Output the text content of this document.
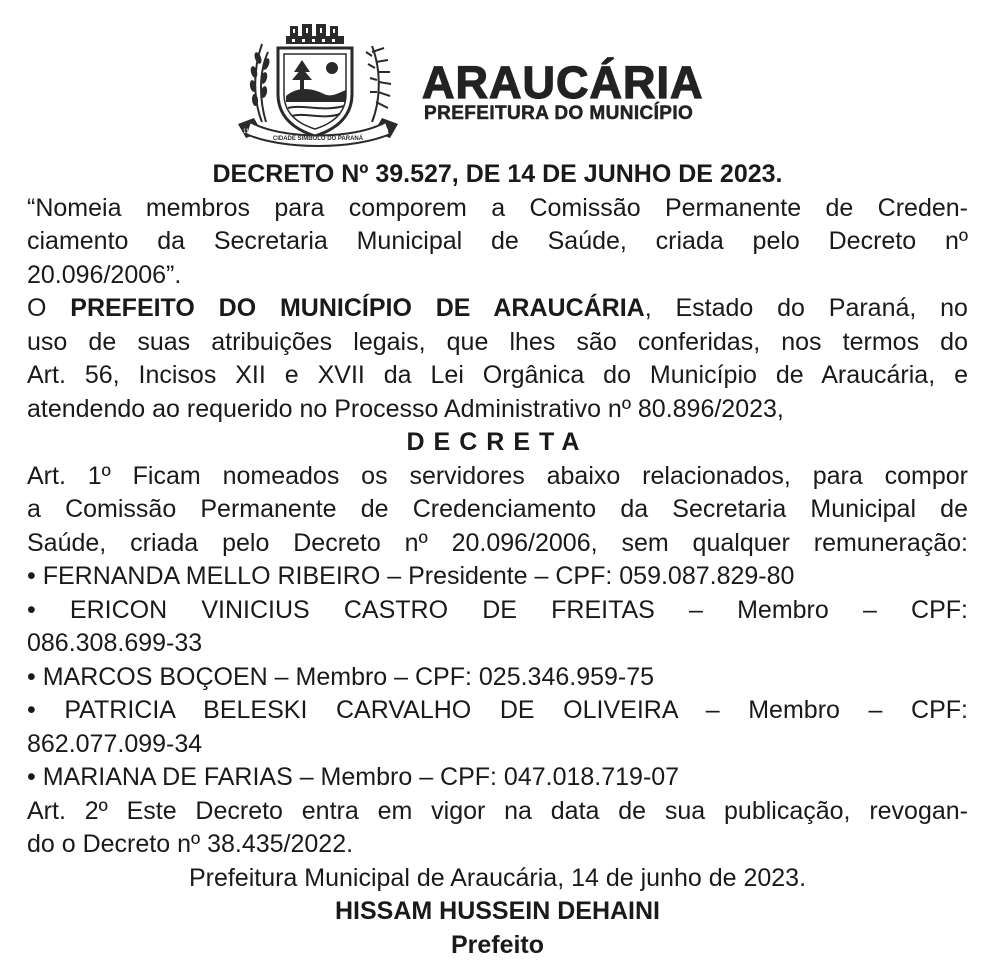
11/02	1890
CIDADE SÍMBOLO DO PARANÁ
ARAUCÁRIA
PREFEITURA DO MUNICÍPIO

DECRETO Nº 39.527, DE 14 DE JUNHO DE 2023.

“Nomeia membros para comporem a Comissão Permanente de Creden-

ciamento da Secretaria Municipal de Saúde, criada pelo Decreto nº

20.096/2006”.

O PREFEITO DO MUNICÍPIO DE ARAUCÁRIA, Estado do Paraná, no

uso de suas atribuições legais, que lhes são conferidas, nos termos do

Art. 56, Incisos XII e XVII da Lei Orgânica do Município de Araucária, e

atendendo ao requerido no Processo Administrativo nº 80.896/2023,

DECRETA

Art. 1º Ficam nomeados os servidores abaixo relacionados, para compor

a Comissão Permanente de Credenciamento da Secretaria Municipal de

Saúde, criada pelo Decreto nº 20.096/2006, sem qualquer remuneração:

• FERNANDA MELLO RIBEIRO – Presidente – CPF: 059.087.829-80

• ERICON VINICIUS CASTRO DE FREITAS – Membro – CPF:

086.308.699-33

• MARCOS BOÇOEN – Membro – CPF: 025.346.959-75

• PATRICIA BELESKI CARVALHO DE OLIVEIRA – Membro – CPF:

862.077.099-34

• MARIANA DE FARIAS – Membro – CPF: 047.018.719-07

Art. 2º Este Decreto entra em vigor na data de sua publicação, revogan-

do o Decreto nº 38.435/2022.

Prefeitura Municipal de Araucária, 14 de junho de 2023.

HISSAM HUSSEIN DEHAINI

Prefeito
